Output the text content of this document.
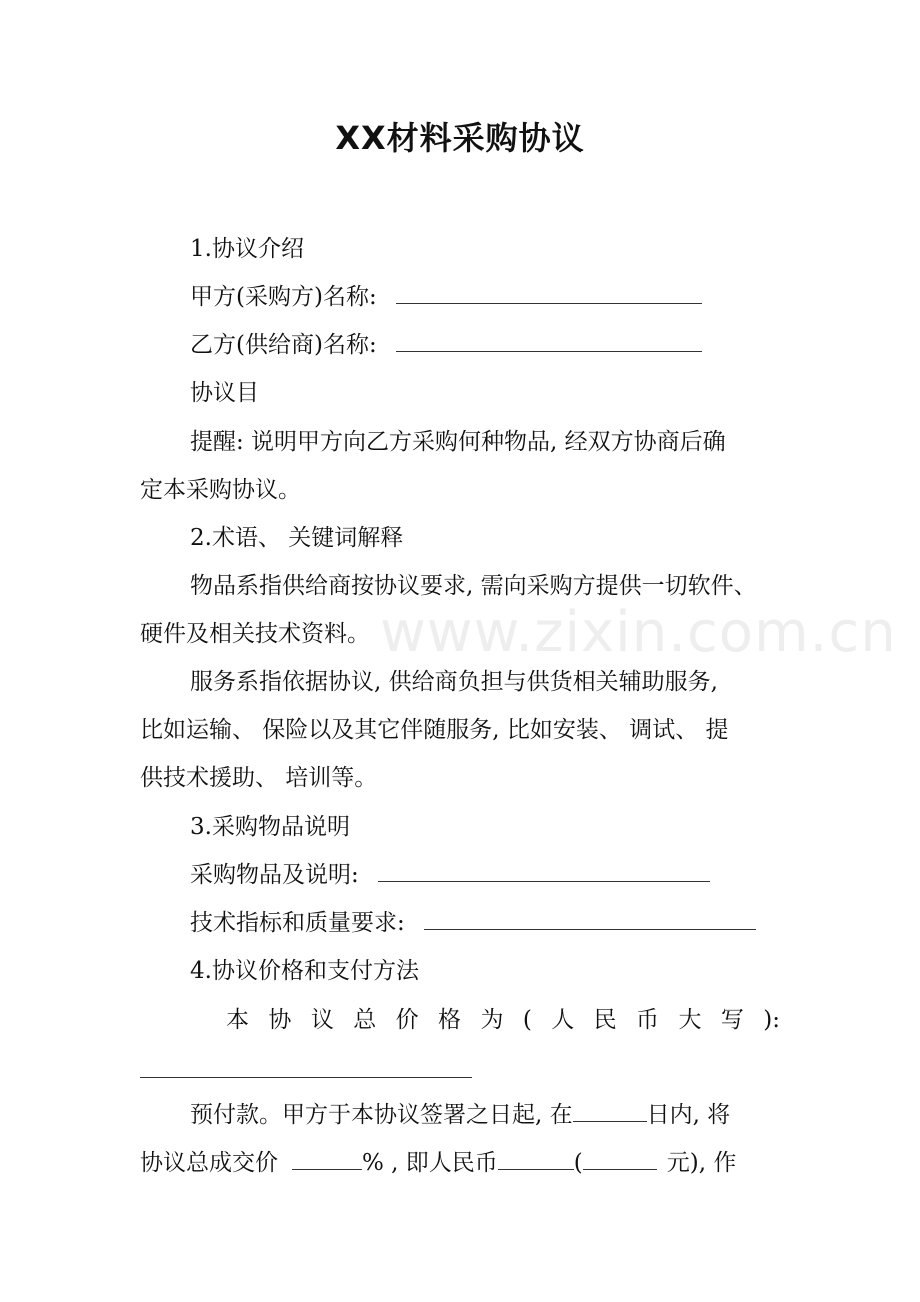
XX材料采购协议
www.zixin.com.cn
1.协议介绍
甲方(采购方)名称:
乙方(供给商)名称:
协议目
提醒: 说明甲方向乙方采购何种物品, 经双方协商后确
定本采购协议。
2.术语、 关键词解释
物品系指供给商按协议要求, 需向采购方提供一切软件、
硬件及相关技术资料。
服务系指依据协议, 供给商负担与供货相关辅助服务,
比如运输、 保险以及其它伴随服务, 比如安装、 调试、 提
供技术援助、 培训等。
3.采购物品说明
采购物品及说明:
技术指标和质量要求:
4.协议价格和支付方法
本 协 议 总 价 格 为 ( 人 民 币 大 写 ):
预付款。甲方于本协议签署之日起, 在	日内, 将
协议总成交价	% , 即人民币	(	元), 作
